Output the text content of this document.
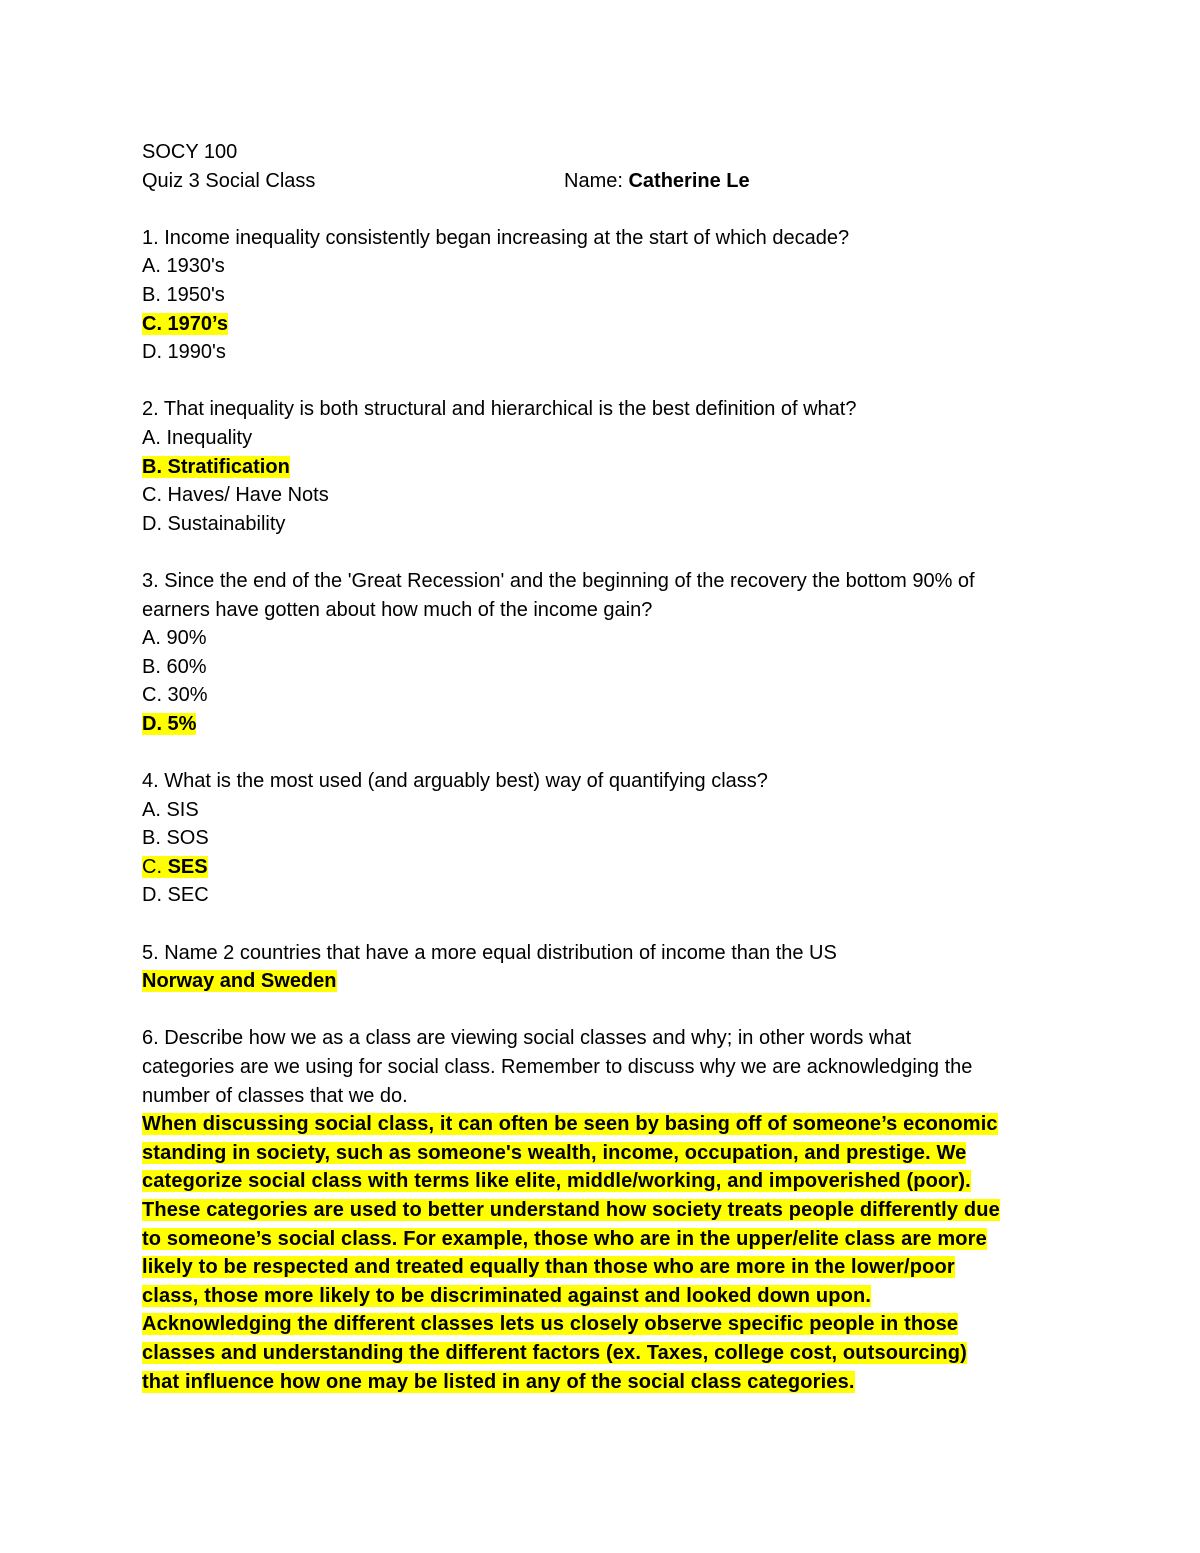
SOCY 100
Quiz 3 Social Class	Name: Catherine Le
1. Income inequality consistently began increasing at the start of which decade?
A. 1930's
B. 1950's
C. 1970’s
D. 1990's
2. That inequality is both structural and hierarchical is the best definition of what?
A. Inequality
B. Stratification
C. Haves/ Have Nots
D. Sustainability
3. Since the end of the 'Great Recession' and the beginning of the recovery the bottom 90% of
earners have gotten about how much of the income gain?
A. 90%
B. 60%
C. 30%
D. 5%
4. What is the most used (and arguably best) way of quantifying class?
A. SIS
B. SOS
C. SES
D. SEC
5. Name 2 countries that have a more equal distribution of income than the US
Norway and Sweden
6. Describe how we as a class are viewing social classes and why; in other words what
categories are we using for social class. Remember to discuss why we are acknowledging the
number of classes that we do.
When discussing social class, it can often be seen by basing off of someone’s economic
standing in society, such as someone's wealth, income, occupation, and prestige. We
categorize social class with terms like elite, middle/working, and impoverished (poor).
These categories are used to better understand how society treats people differently due
to someone’s social class. For example, those who are in the upper/elite class are more
likely to be respected and treated equally than those who are more in the lower/poor
class, those more likely to be discriminated against and looked down upon.
Acknowledging the different classes lets us closely observe specific people in those
classes and understanding the different factors (ex. Taxes, college cost, outsourcing)
that influence how one may be listed in any of the social class categories.
